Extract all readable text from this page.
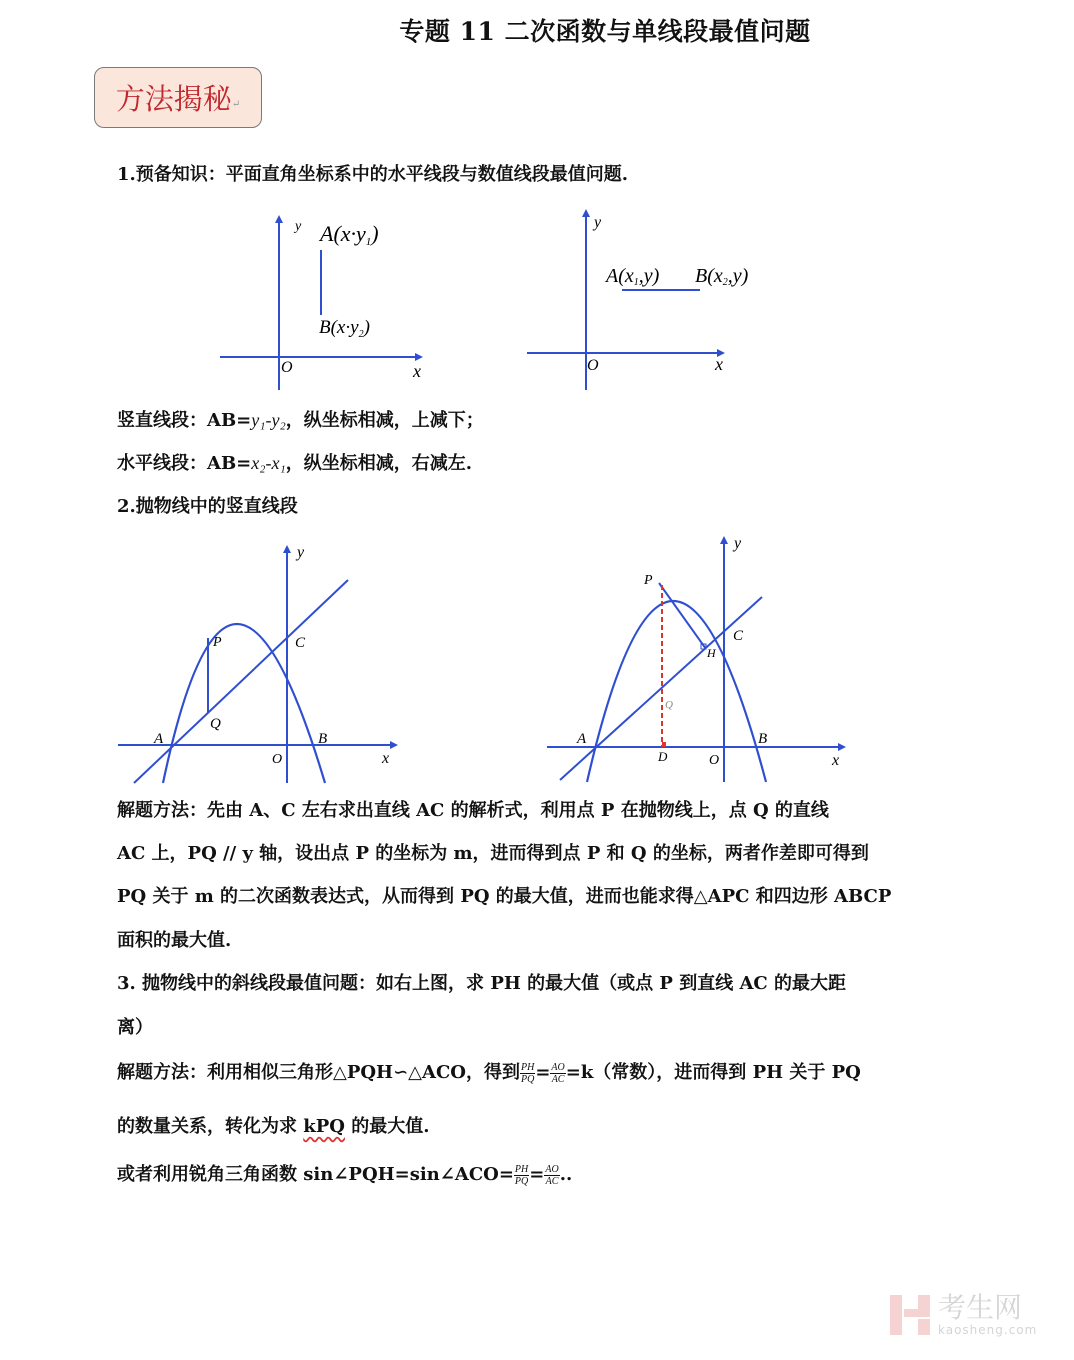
专题 11 二次函数与单线段最值问题
方法揭秘 ↵
1.预备知识：平面直角坐标系中的水平线段与数值线段最值问题.
y
x
O
A(x·y1)
$B(x\cdot y_2)$
y
x
O
A(x1,y) B(x2,y)
竖直线段：AB=y₁-y₂，纵坐标相减，上减下；
水平线段：AB=x₂-x₁，纵坐标相减，右减左.
2.抛物线中的竖直线段
y
x
O
A	B
C
P
Q
y
x
O
A	B
C
P
H
Q
D
解题方法：先由 A、C 左右求出直线 AC 的解析式，利用点 P 在抛物线上，点 Q 的直线
AC 上，PQ // y 轴，设出点 P 的坐标为 m，进而得到点 P 和 Q 的坐标，两者作差即可得到
PQ 关于 m 的二次函数表达式，从而得到 PQ 的最大值，进而也能求得△APC 和四边形 ABCP
面积的最大值.
3. 抛物线中的斜线段最值问题：如右上图，求 PH 的最大值（或点 P 到直线 AC 的最大距
离）
解题方法：利用相似三角形△PQH∽△ACO，得到 $\frac{PH}{PQ} = \frac{AO}{AC} =k$（常数），进而得到 PH 关于 PQ
的数量关系，转化为求 kPQ 的最大值.
或者利用锐角三角函数 sin∠PQH=sin∠ACO= $\frac{PH}{PQ} = \frac{AO}{AC}$ ..
考生网
kaosheng.com
